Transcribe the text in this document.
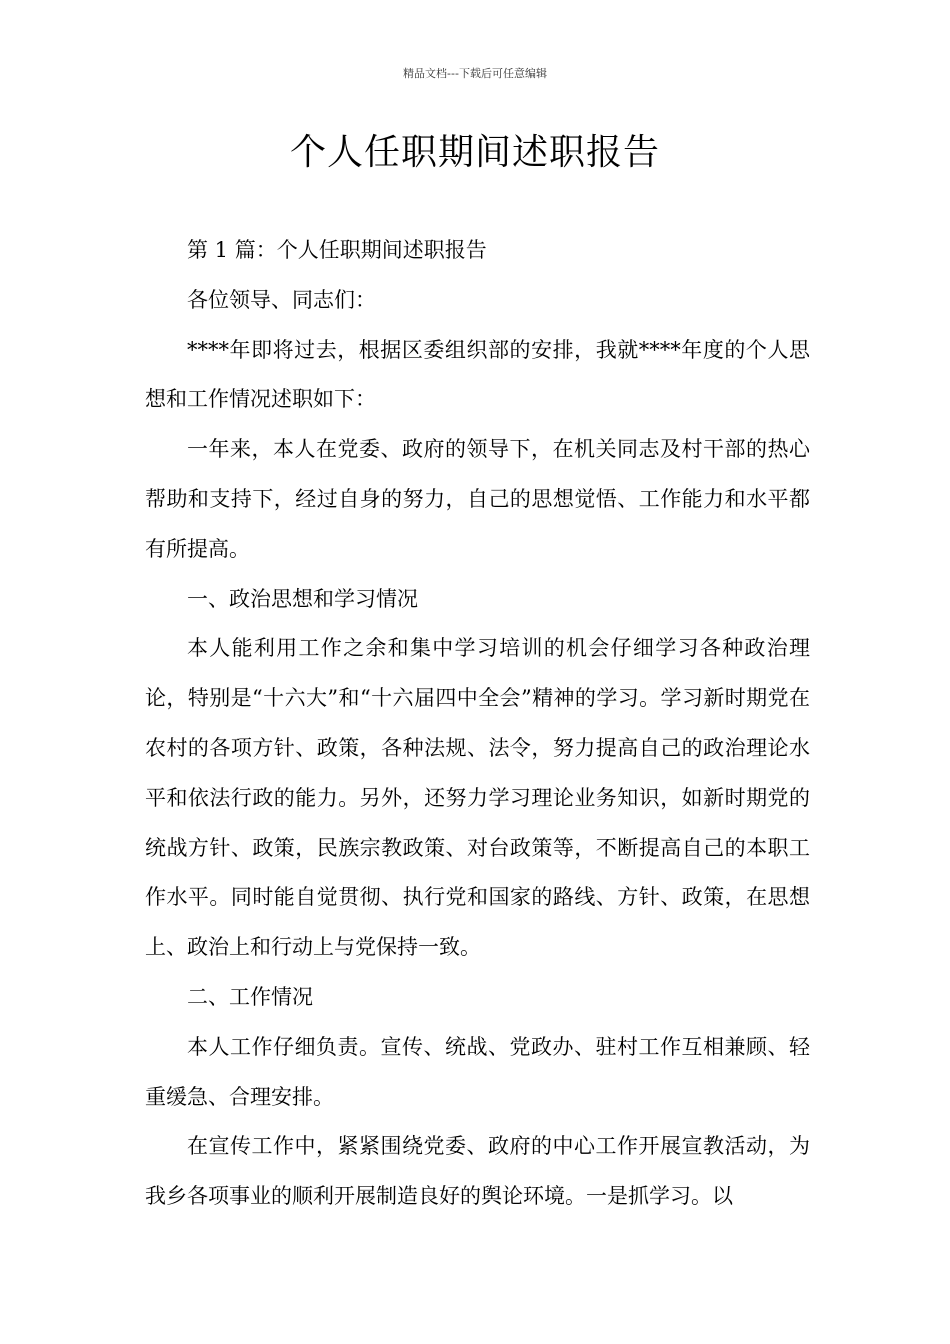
精品文档---下载后可任意编辑
个人任职期间述职报告

第 1 篇：个人任职期间述职报告

各位领导、同志们：

****年即将过去，根据区委组织部的安排，我就****年度的个人思想和工作情况述职如下：

一年来，本人在党委、政府的领导下，在机关同志及村干部的热心帮助和支持下，经过自身的努力，自己的思想觉悟、工作能力和水平都有所提高。

一、政治思想和学习情况

本人能利用工作之余和集中学习培训的机会仔细学习各种政治理论，特别是“十六大”和“十六届四中全会”精神的学习。学习新时期党在农村的各项方针、政策，各种法规、法令，努力提高自己的政治理论水平和依法行政的能力。另外，还努力学习理论业务知识，如新时期党的统战方针、政策，民族宗教政策、对台政策等，不断提高自己的本职工作水平。同时能自觉贯彻、执行党和国家的路线、方针、政策，在思想上、政治上和行动上与党保持一致。

二、工作情况

本人工作仔细负责。宣传、统战、党政办、驻村工作互相兼顾、轻重缓急、合理安排。

在宣传工作中，紧紧围绕党委、政府的中心工作开展宣教活动，为我乡各项事业的顺利开展制造良好的舆论环境。一是抓学习。以
